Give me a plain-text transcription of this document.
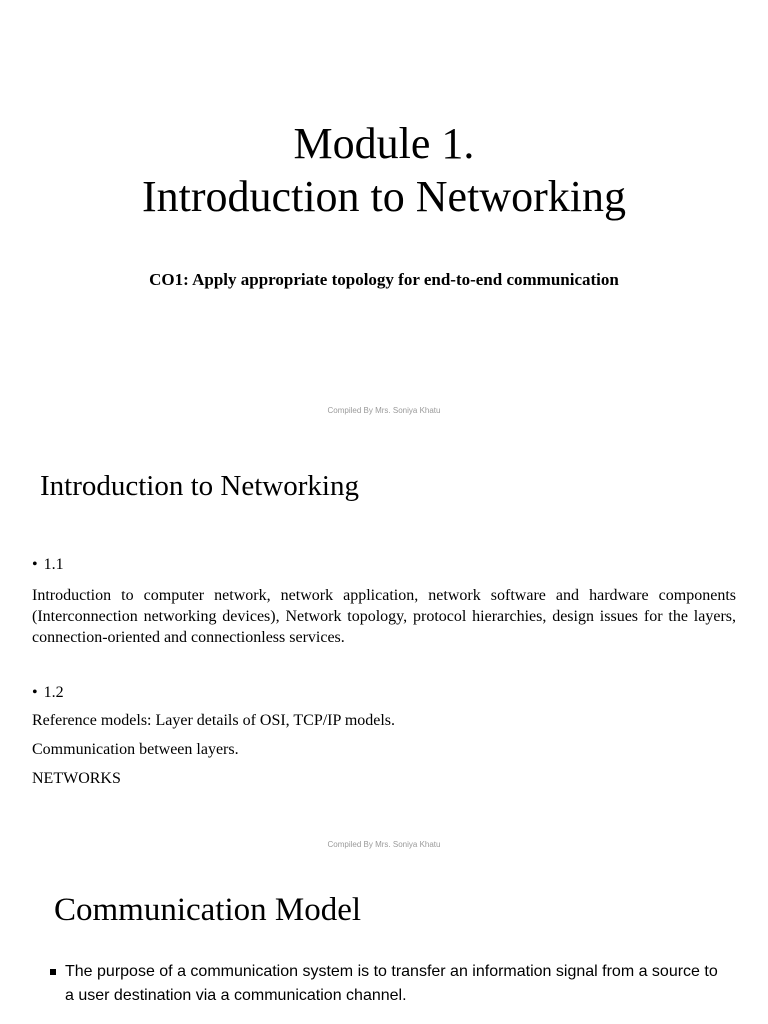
Module 1.
Introduction to Networking

CO1: Apply appropriate topology for end-to-end communication

Compiled By Mrs. Soniya Khatu
Introduction to Networking
• 1.1

Introduction to computer network, network application, network software and hardware components (Interconnection networking devices), Network topology, protocol hierarchies, design issues for the layers, connection-oriented and connectionless services.

• 1.2

Reference models: Layer details of OSI, TCP/IP models.

Communication between layers.

NETWORKS

Compiled By Mrs. Soniya Khatu
Communication Model
The purpose of a communication system is to transfer an information signal from a source to a user destination via a communication channel.
